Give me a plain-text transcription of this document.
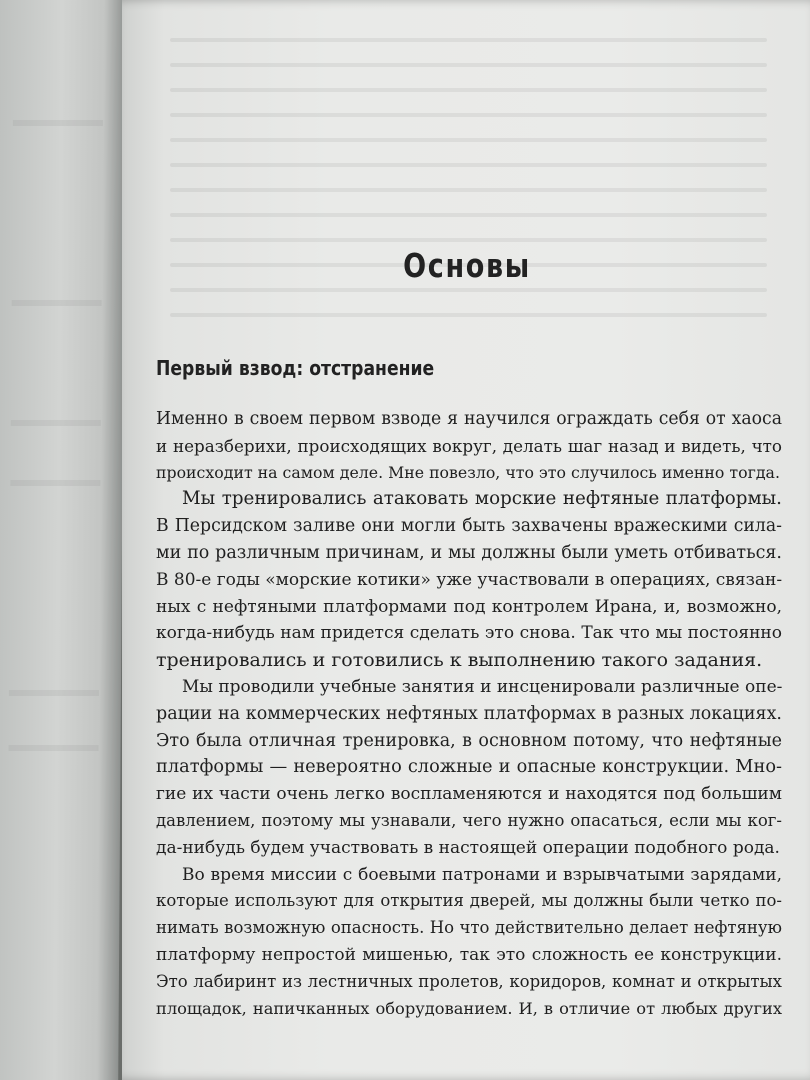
Основы
Первый взвод: отстранение
Именно в своем первом взводе я научился ограждать себя от хаоса
и неразберихи, происходящих вокруг, делать шаг назад и видеть, что
происходит на самом деле. Мне повезло, что это случилось именно тогда.
Мы тренировались атаковать морские нефтяные платформы.
В Персидском заливе они могли быть захвачены вражескими сила-
ми по различным причинам, и мы должны были уметь отбиваться.
В 80-е годы «морские котики» уже участвовали в операциях, связан-
ных с нефтяными платформами под контролем Ирана, и, возможно,
когда-нибудь нам придется сделать это снова. Так что мы постоянно
тренировались и готовились к выполнению такого задания.
Мы проводили учебные занятия и инсценировали различные опе-
рации на коммерческих нефтяных платформах в разных локациях.
Это была отличная тренировка, в основном потому, что нефтяные
платформы — невероятно сложные и опасные конструкции. Мно-
гие их части очень легко воспламеняются и находятся под большим
давлением, поэтому мы узнавали, чего нужно опасаться, если мы ког-
да-нибудь будем участвовать в настоящей операции подобного рода.
Во время миссии с боевыми патронами и взрывчатыми зарядами,
которые используют для открытия дверей, мы должны были четко по-
нимать возможную опасность. Но что действительно делает нефтяную
платформу непростой мишенью, так это сложность ее конструкции.
Это лабиринт из лестничных пролетов, коридоров, комнат и открытых
площадок, напичканных оборудованием. И, в отличие от любых других
